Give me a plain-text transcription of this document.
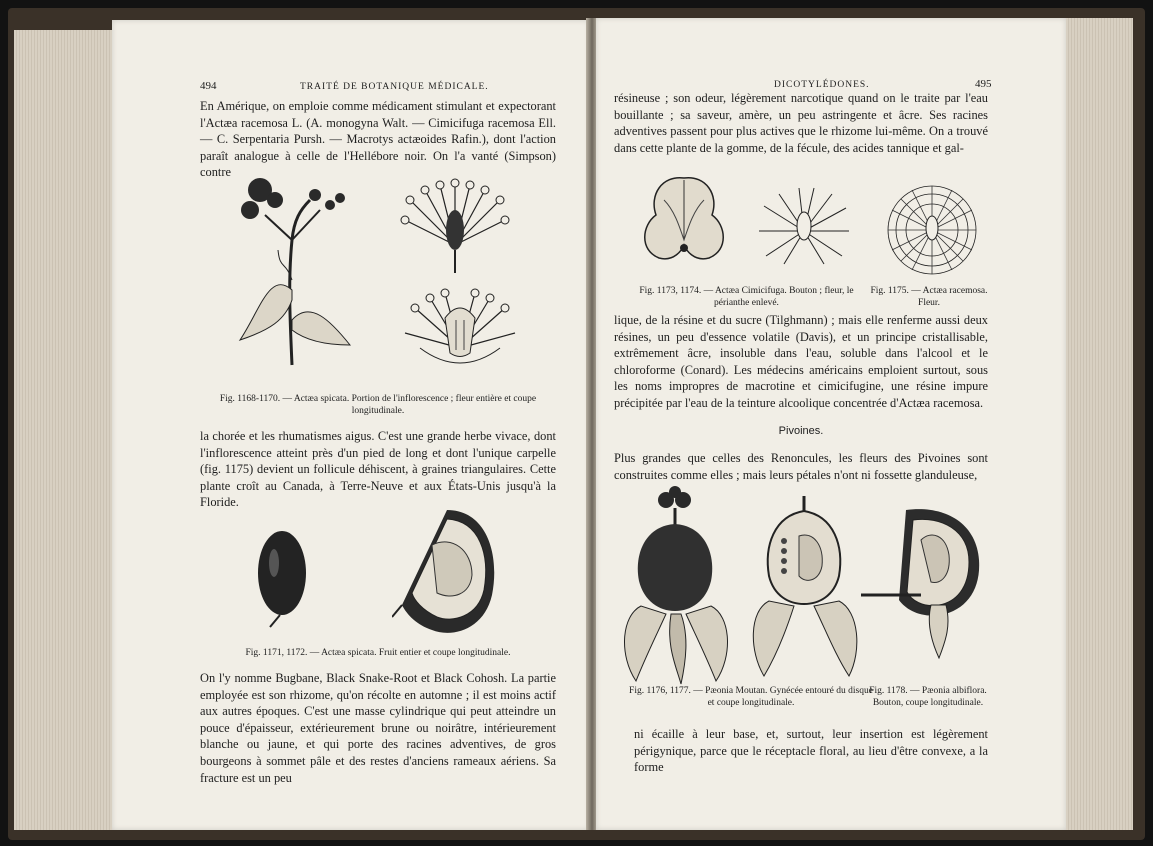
494	TRAITÉ DE BOTANIQUE MÉDICALE.

En Amérique, on emploie comme médicament stimulant et expectorant l'Actæa racemosa L. (A. monogyna Walt. — Cimicifuga racemosa Ell. — C. Serpentaria Pursh. — Macrotys actæoides Rafin.), dont l'action paraît analogue à celle de l'Hellébore noir. On l'a vanté (Simpson) contre

Fig. 1168-1170. — Actæa spicata. Portion de l'inflorescence ; fleur entière et coupe longitudinale.

la chorée et les rhumatismes aigus. C'est une grande herbe vivace, dont l'inflorescence atteint près d'un pied de long et dont l'unique carpelle (fig. 1175) devient un follicule déhiscent, à graines triangulaires. Cette plante croît au Canada, à Terre-Neuve et aux États-Unis jusqu'à la Floride.

Fig. 1171, 1172. — Actæa spicata. Fruit entier et coupe longitudinale.

On l'y nomme Bugbane, Black Snake-Root et Black Cohosh. La partie employée est son rhizome, qu'on récolte en automne ; il est moins actif aux autres époques. C'est une masse cylindrique qui peut atteindre un pouce d'épaisseur, extérieurement brune ou noirâtre, intérieurement blanche ou jaune, et qui porte des racines adventives, de gros bourgeons à sommet pâle et des restes d'anciens rameaux aériens. Sa fracture est un peu

DICOTYLÉDONES.	495

résineuse ; son odeur, légèrement narcotique quand on le traite par l'eau bouillante ; sa saveur, amère, un peu astringente et âcre. Ses racines adventives passent pour plus actives que le rhizome lui-même. On a trouvé dans cette plante de la gomme, de la fécule, des acides tannique et gal-

Fig. 1173, 1174. — Actæa Cimicifuga. Bouton ; fleur, le périanthe enlevé.
Fig. 1175. — Actæa racemosa. Fleur.

lique, de la résine et du sucre (Tilghmann) ; mais elle renferme aussi deux résines, un peu d'essence volatile (Davis), et un principe cristallisable, extrêmement âcre, insoluble dans l'eau, soluble dans l'alcool et le chloroforme (Conard). Les médecins américains emploient surtout, sous les noms impropres de macrotine et cimicifugine, une résine impure précipitée par l'eau de la teinture alcoolique concentrée d'Actæa racemosa.

Pivoines.

Plus grandes que celles des Renoncules, les fleurs des Pivoines sont construites comme elles ; mais leurs pétales n'ont ni fossette glanduleuse,

Fig. 1176, 1177. — Pæonia Moutan. Gynécée entouré du disque et coupe longitudinale.
Fig. 1178. — Pæonia albiflora. Bouton, coupe longitudinale.

ni écaille à leur base, et, surtout, leur insertion est légèrement périgynique, parce que le réceptacle floral, au lieu d'être convexe, a la forme
